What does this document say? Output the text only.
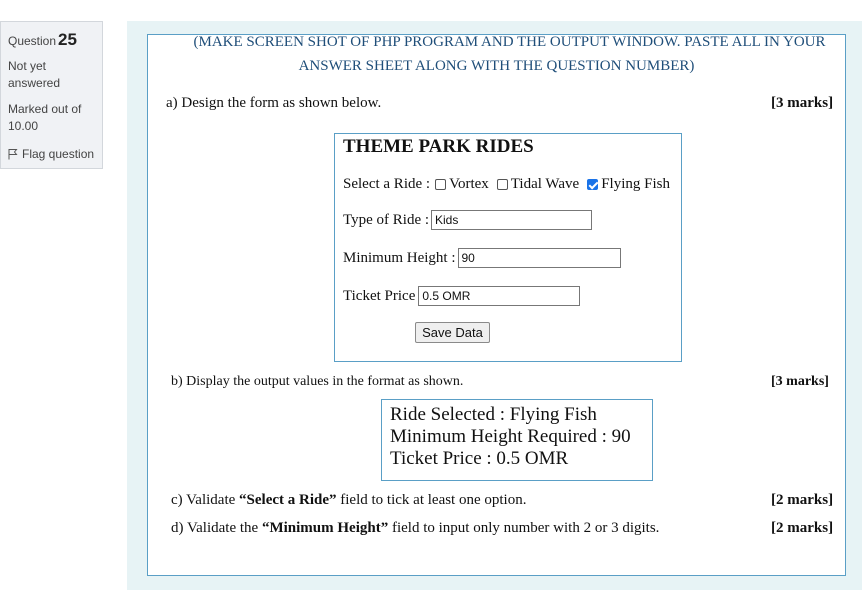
Question 25
Not yet answered
Marked out of 10.00
Flag question
(MAKE SCREEN SHOT OF PHP PROGRAM AND THE OUTPUT WINDOW. PASTE ALL IN YOUR
ANSWER SHEET ALONG WITH THE QUESTION NUMBER)
a) Design the form as shown below.	[3 marks]
THEME PARK RIDES
Select a Ride : Vortex Tidal Wave Flying Fish
Type of Ride : Kids
Minimum Height : 90
Ticket Price 0.5 OMR
Save Data
b) Display the output values in the format as shown.	[3 marks]
Ride Selected : Flying Fish
Minimum Height Required : 90
Ticket Price : 0.5 OMR
c) Validate “Select a Ride” field to tick at least one option.	[2 marks]
d) Validate the “Minimum Height” field to input only number with 2 or 3 digits.	[2 marks]
